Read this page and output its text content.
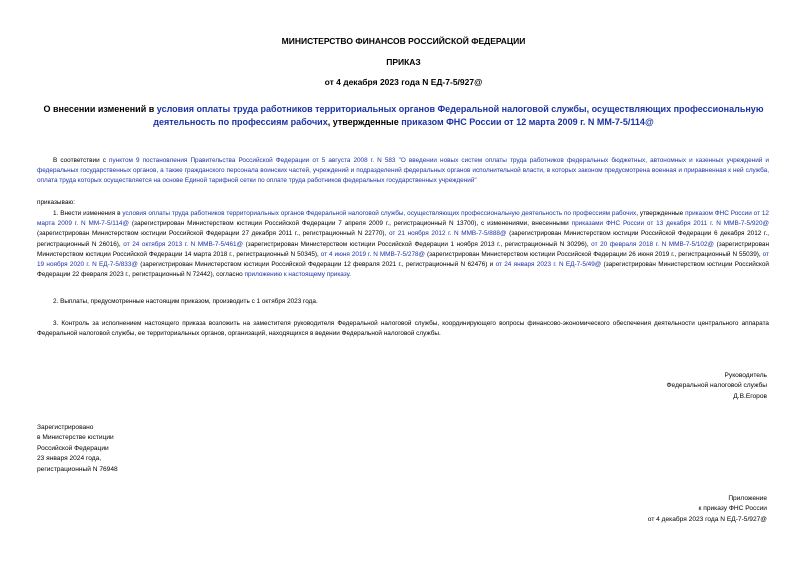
МИНИСТЕРСТВО ФИНАНСОВ РОССИЙСКОЙ ФЕДЕРАЦИИ
ПРИКАЗ
от 4 декабря 2023 года N ЕД-7-5/927@
О внесении изменений в условия оплаты труда работников территориальных органов Федеральной налоговой службы, осуществляющих профессиональную деятельность по профессиям рабочих, утвержденные приказом ФНС России от 12 марта 2009 г. N ММ-7-5/114@
В соответствии с пунктом 9 постановления Правительства Российской Федерации от 5 августа 2008 г. N 583 "О введении новых систем оплаты труда работников федеральных бюджетных, автономных и казенных учреждений и федеральных государственных органов, а также гражданского персонала воинских частей, учреждений и подразделений федеральных органов исполнительной власти, в которых законом предусмотрена военная и приравненная к ней служба, оплата труда которых осуществляется на основе Единой тарифной сетки по оплате труда работников федеральных государственных учреждений"
приказываю:
1. Внести изменения в условия оплаты труда работников территориальных органов Федеральной налоговой службы, осуществляющих профессиональную деятельность по профессиям рабочих, утвержденные приказом ФНС России от 12 марта 2009 г. N ММ-7-5/114@ (зарегистрирован Министерством юстиции Российской Федерации 7 апреля 2009 г., регистрационный N 13700), с изменениями, внесенными приказами ФНС России от 13 декабря 2011 г. N ММВ-7-5/920@ (зарегистрирован Министерством юстиции Российской Федерации 27 декабря 2011 г., регистрационный N 22770), от 21 ноября 2012 г. N ММВ-7-5/888@ (зарегистрирован Министерством юстиции Российской Федерации 6 декабря 2012 г., регистрационный N 26016), от 24 октября 2013 г. N ММВ-7-5/461@ (зарегистрирован Министерством юстиции Российской Федерации 1 ноября 2013 г., регистрационный N 30296), от 20 февраля 2018 г. N ММВ-7-5/102@ (зарегистрирован Министерством юстиции Российской Федерации 14 марта 2018 г., регистрационный N 50345), от 4 июня 2019 г. N ММВ-7-5/278@ (зарегистрирован Министерством юстиции Российской Федерации 26 июня 2019 г., регистрационный N 55039), от 19 ноября 2020 г. N ЕД-7-5/833@ (зарегистрирован Министерством юстиции Российской Федерации 12 февраля 2021 г., регистрационный N 62476) и от 24 января 2023 г. N ЕД-7-5/49@ (зарегистрирован Министерством юстиции Российской Федерации 22 февраля 2023 г., регистрационный N 72442), согласно приложению к настоящему приказу.
2. Выплаты, предусмотренные настоящим приказом, производить с 1 октября 2023 года.
3. Контроль за исполнением настоящего приказа возложить на заместителя руководителя Федеральной налоговой службы, координирующего вопросы финансово-экономического обеспечения деятельности центрального аппарата Федеральной налоговой службы, ее территориальных органов, организаций, находящихся в ведении Федеральной налоговой службы.
Руководитель
Федеральной налоговой службы
Д.В.Егоров
Зарегистрировано
в Министерстве юстиции
Российской Федерации
23 января 2024 года,
регистрационный N 76948
Приложение
к приказу ФНС России
от 4 декабря 2023 года N ЕД-7-5/927@
